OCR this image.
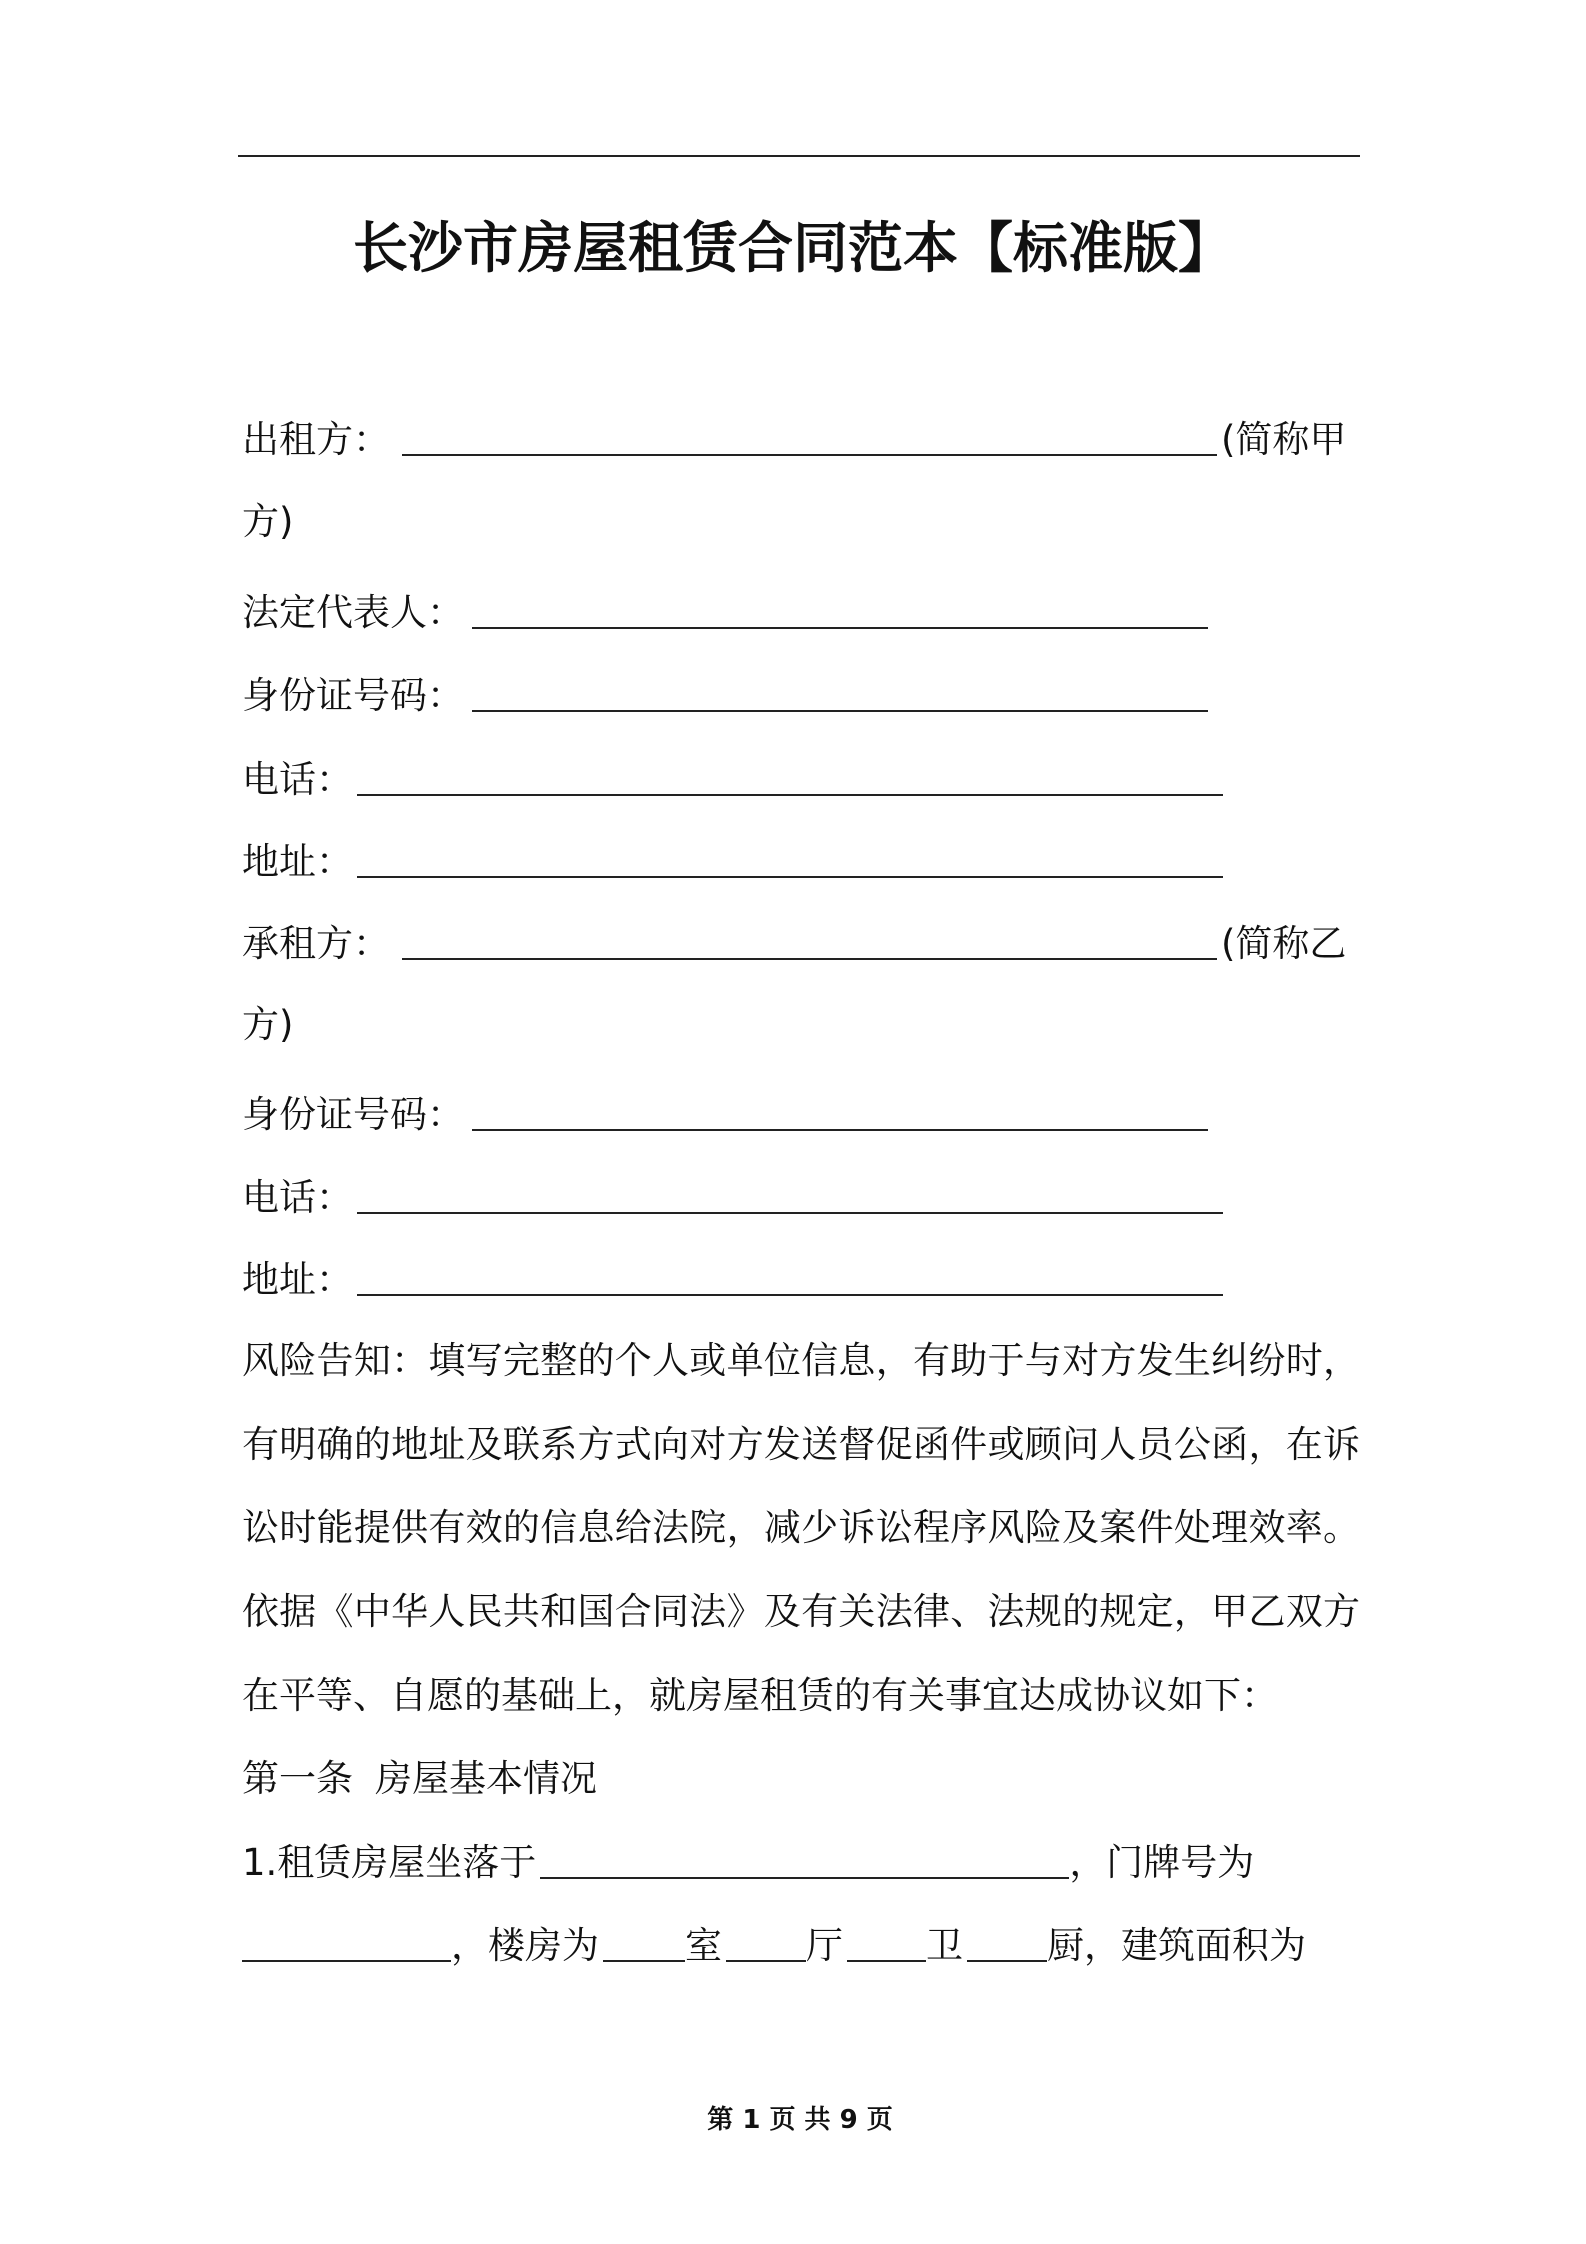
长沙市房屋租赁合同范本【标准版】
出租方：	(简称甲
方)
法定代表人：
身份证号码：
电话：
地址：
承租方：	(简称乙
方)
身份证号码：
电话：
地址：
风险告知：填写完整的个人或单位信息，有助于与对方发生纠纷时，
有明确的地址及联系方式向对方发送督促函件或顾问人员公函，在诉
讼时能提供有效的信息给法院，减少诉讼程序风险及案件处理效率。
依据《中华人民共和国合同法》及有关法律、法规的规定，甲乙双方
在平等、自愿的基础上，就房屋租赁的有关事宜达成协议如下：
第一条 房屋基本情况
1.租赁房屋坐落于	，门牌号为
，楼房为 室 厅 卫 厨，建筑面积为
第 1 页 共 9 页
